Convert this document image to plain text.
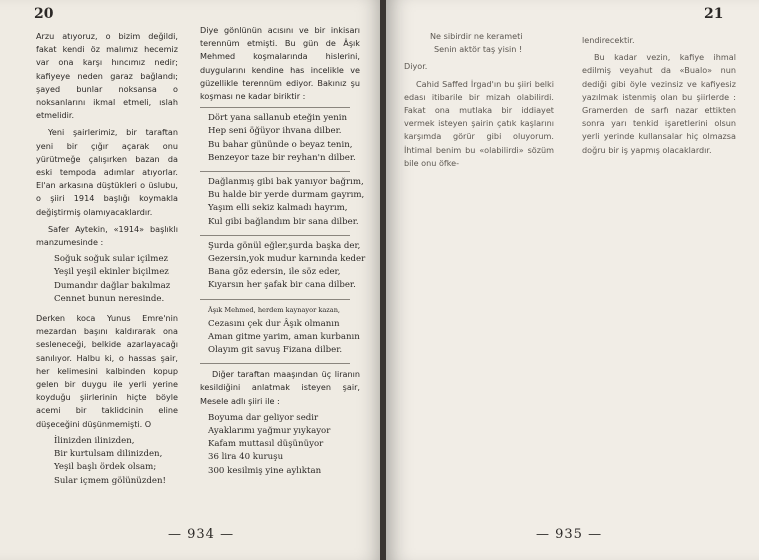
20

Arzu atıyoruz, o bizim değildi, fakat kendi öz malımız hecemiz var ona karşı hıncımız nedir; kafiyeye neden garaz bağlandı; şayed bunlar noksansa o noksanlarını ikmal etmeli, ıslah etmelidir.

Yeni şairlerimiz, bir taraftan yeni bir çığır açarak onu yürütmeğe çalışırken bazan da eski tempoda adımlar atıyorlar. El'an arkasına düştükleri o üslubu, o şiiri 1914 başlığı koymakla değiştirmiş olamıyacaklardır.

Safer Aytekin, «1914» başlıklı manzumesinde :

Soğuk soğuk sular içilmez
Yeşil yeşil ekinler biçilmez
Dumandır dağlar bakılmaz
Cennet bunun neresinde.

Derken koca Yunus Emre'nin mezardan başını kaldırarak ona sesleneceği, belkide azarlayacağı sanılıyor. Halbu ki, o hassas şair, her kelimesini kalbinden kopup gelen bir duygu ile yerli yerine koyduğu şiirlerinin hiçte böyle acemi bir taklidcinin eline düşeceğini düşünmemişti. O

İlinizden ilinizden,
Bir kurtulsam dilinizden,
Yeşil başlı ördek olsam;
Sular içmem gölünüzden!

Diye gönlünün acısını ve bir inkisarı terennüm etmişti. Bu gün de Âşık Mehmed koşmalarında hislerini, duygularını kendine has incelikle ve güzellikle terennüm ediyor. Bakınız şu koşması ne kadar biriktir :

Dört yana sallanub eteğin yenin
Hep seni öğüyor ihvana dilber.
Bu bahar gününde o beyaz tenin,
Benzeyor taze bir reyhan'n dilber.
Dağlanmış gibi bak yanıyor bağrım,
Bu halde bir yerde durmam gayrım,
Yaşım elli sekiz kalmadı hayrım,
Kul gibi bağlandım bir sana dilber.
Şurda gönül eğler,şurda başka der,
Gezersin,yok mudur karnında keder
Bana göz edersin, ile söz eder,
Kıyarsın her şafak bir cana dilber.
Âşık Mehmed, herdem kaynayor kazan,
Cezasını çek dur Âşık olmanın
Aman gitme yarim, aman kurbanın
Olayım git savuş Fizana dilber.

Diğer taraftan maaşından üç liranın kesildiğini anlatmak isteyen şair, Mesele adlı şiiri ile :

Boyuma dar geliyor sedir
Ayaklarımı yağmur yıykayor
Kafam muttasıl düşünüyor
36 lira 40 kuruşu
300 kesilmiş yine aylıktan
— 934 —
21

Ne sibirdir ne kerameti

Senin aktör taş yisin !

Diyor.

Cahid Saffed İrgad'ın bu şiiri belki edası itibarile bir mizah olabilirdi. Fakat ona mutlaka bir iddiayet vermek isteyen şairin çatık kaşlarını karşımda görür gibi oluyorum. İhtimal benim bu «olabilirdi» sözüm bile onu öfke-

lendirecektir.

Bu kadar vezin, kafiye ihmal edilmiş veyahut da «Bualo» nun dediği gibi öyle vezinsiz ve kafiyesiz yazılmak istenmiş olan bu şiirlerde : Gramerden de sarfı nazar ettikten sonra yarı tenkid işaretlerini olsun yerli yerinde kullansalar hiç olmazsa doğru bir iş yapmış olacaklardır.

— 935 —
